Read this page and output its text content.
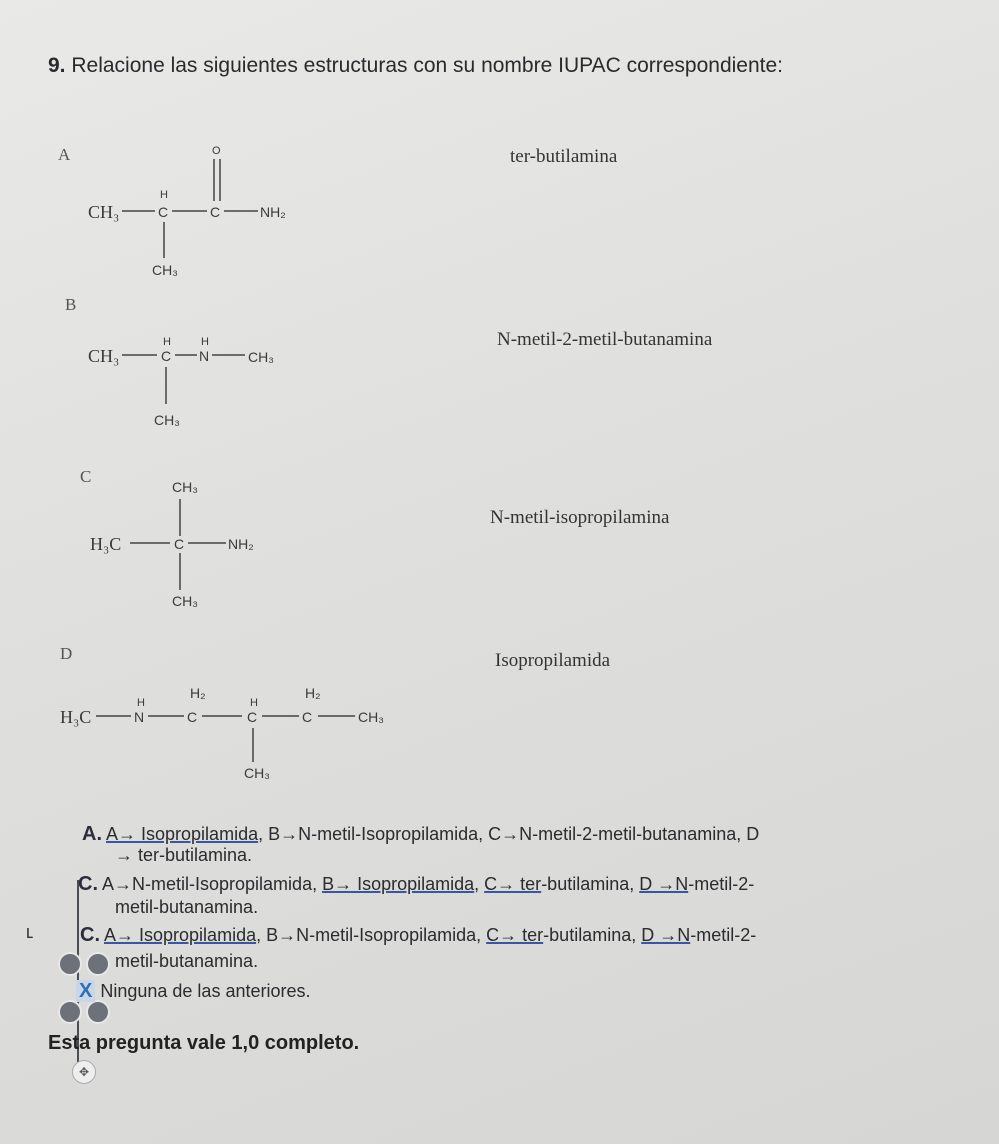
9. Relacione las siguientes estructuras con su nombre IUPAC correspondiente:
A
CH₃
H
C	C
O
NH₂
CH₃
B
CH₃
H
C
H
N	CH₃
CH₃
C
CH₃
H₃C	C	NH₂
CH₃
D
H₃C
H
N
H₂
C
H
C
H₂
C	CH₃
CH₃
ter-butilamina
N-metil-2-metil-butanamina
N-metil-isopropilamina
Isopropilamida
ʟ
✥
A. A→ Isopropilamida, B→N-metil-Isopropilamida, C→N-metil-2-metil-butanamina, D
→ ter-butilamina.
C. A→N-metil-Isopropilamida, B→ Isopropilamida, C→ ter-butilamina, D →N-metil-2-
metil-butanamina.
C. A→ Isopropilamida, B→N-metil-Isopropilamida, C→ ter-butilamina, D →N-metil-2-
metil-butanamina.
X Ninguna de las anteriores.
Esta pregunta vale 1,0 completo.
